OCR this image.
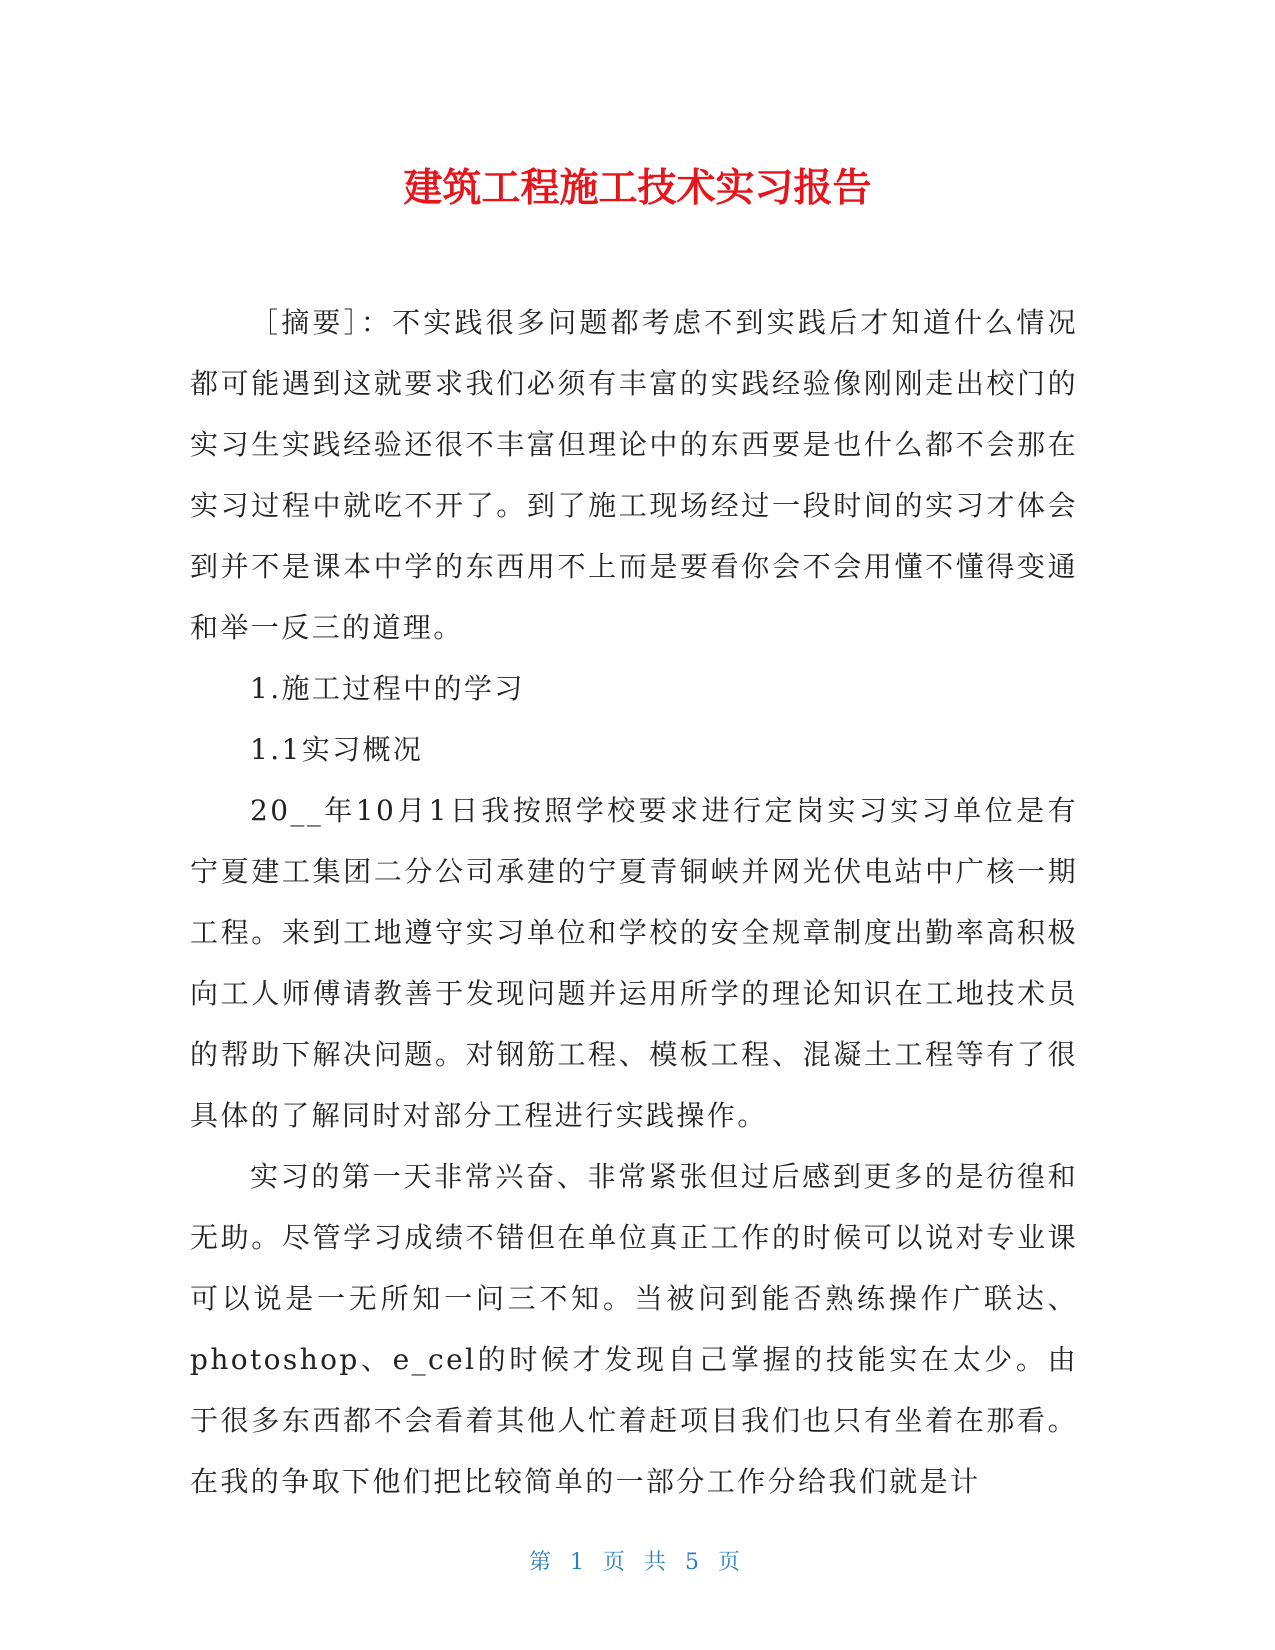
建筑工程施工技术实习报告

［摘要］：不实践很多问题都考虑不到实践后才知道什么情况都可能遇到这就要求我们必须有丰富的实践经验像刚刚走出校门的实习生实践经验还很不丰富但理论中的东西要是也什么都不会那在实习过程中就吃不开了。到了施工现场经过一段时间的实习才体会到并不是课本中学的东西用不上而是要看你会不会用懂不懂得变通和举一反三的道理。

1.施工过程中的学习

1.1实习概况

20__年10月1日我按照学校要求进行定岗实习实习单位是有宁夏建工集团二分公司承建的宁夏青铜峡并网光伏电站中广核一期工程。来到工地遵守实习单位和学校的安全规章制度出勤率高积极向工人师傅请教善于发现问题并运用所学的理论知识在工地技术员的帮助下解决问题。对钢筋工程、模板工程、混凝土工程等有了很具体的了解同时对部分工程进行实践操作。

实习的第一天非常兴奋、非常紧张但过后感到更多的是彷徨和无助。尽管学习成绩不错但在单位真正工作的时候可以说对专业课可以说是一无所知一问三不知。当被问到能否熟练操作广联达、photoshop、e_cel的时候才发现自己掌握的技能实在太少。由于很多东西都不会看着其他人忙着赶项目我们也只有坐着在那看。在我的争取下他们把比较简单的一部分工作分给我们就是计

第 1 页 共 5 页
